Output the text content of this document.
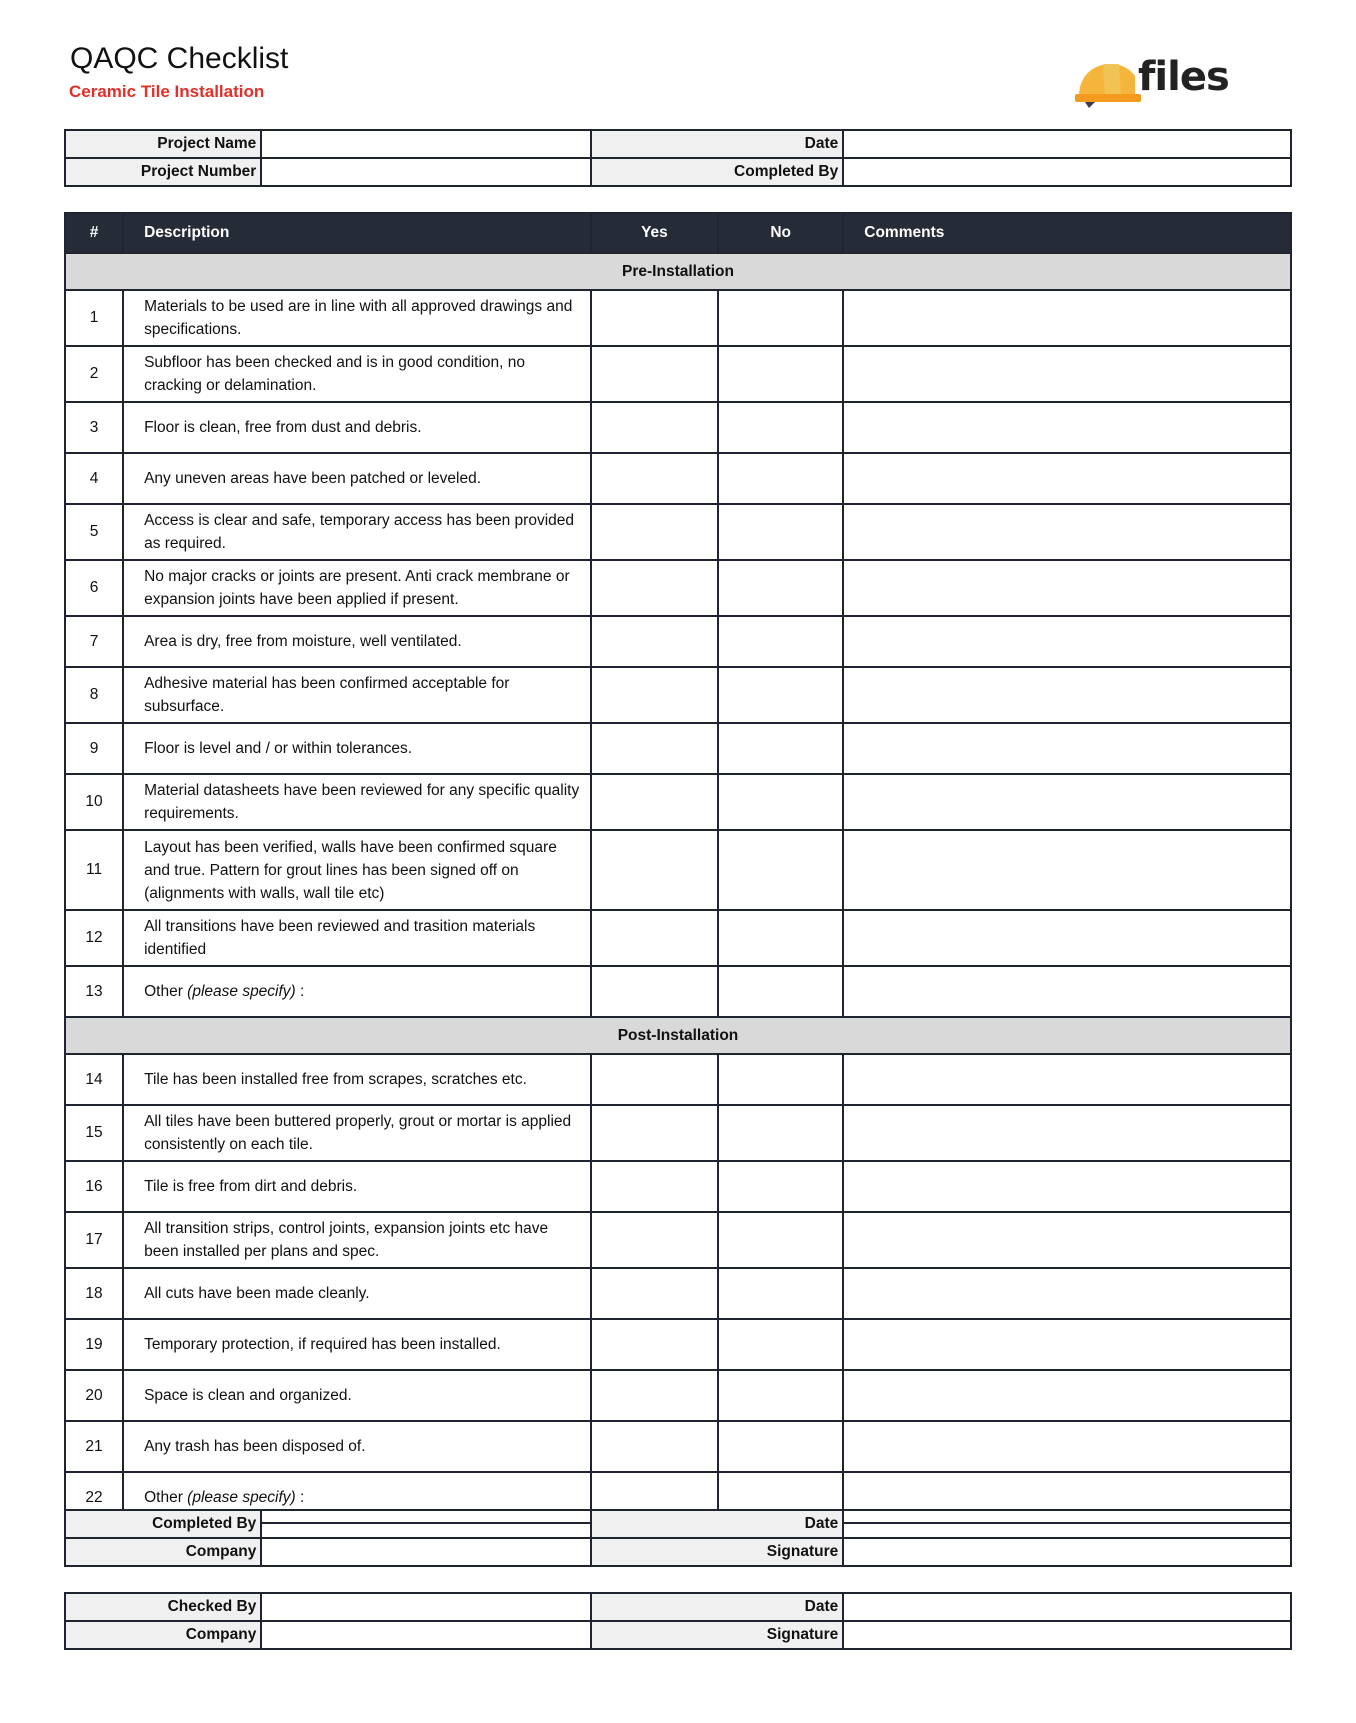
QAQC Checklist
Ceramic Tile Installation	files
Project Name		Date	
Project Number		Completed By	
#	Description	Yes	No	Comments
Pre-Installation				
1	Materials to be used are in line with all approved drawings and specifications.			
2	Subfloor has been checked and is in good condition, no cracking or delamination.			
3	Floor is clean, free from dust and debris.			
4	Any uneven areas have been patched or leveled.			
5	Access is clear and safe, temporary access has been provided as required.			
6	No major cracks or joints are present. Anti crack membrane or expansion joints have been applied if present.			
7	Area is dry, free from moisture, well ventilated.			
8	Adhesive material has been confirmed acceptable for subsurface.			
9	Floor is level and / or within tolerances.			
10	Material datasheets have been reviewed for any specific quality requirements.			
11	Layout has been verified, walls have been confirmed square and true. Pattern for grout lines has been signed off on (alignments with walls, wall tile etc)			
12	All transitions have been reviewed and trasition materials identified			
13	Other (please specify) :			
Post-Installation				
14	Tile has been installed free from scrapes, scratches etc.			
15	All tiles have been buttered properly, grout or mortar is applied consistently on each tile.			
16	Tile is free from dirt and debris.			
17	All transition strips, control joints, expansion joints etc have been installed per plans and spec.			
18	All cuts have been made cleanly.			
19	Temporary protection, if required has been installed.			
20	Space is clean and organized.			
21	Any trash has been disposed of.			
22	Other (please specify) :			
Completed By		Date	
Company		Signature	
Checked By		Date	
Company		Signature	
